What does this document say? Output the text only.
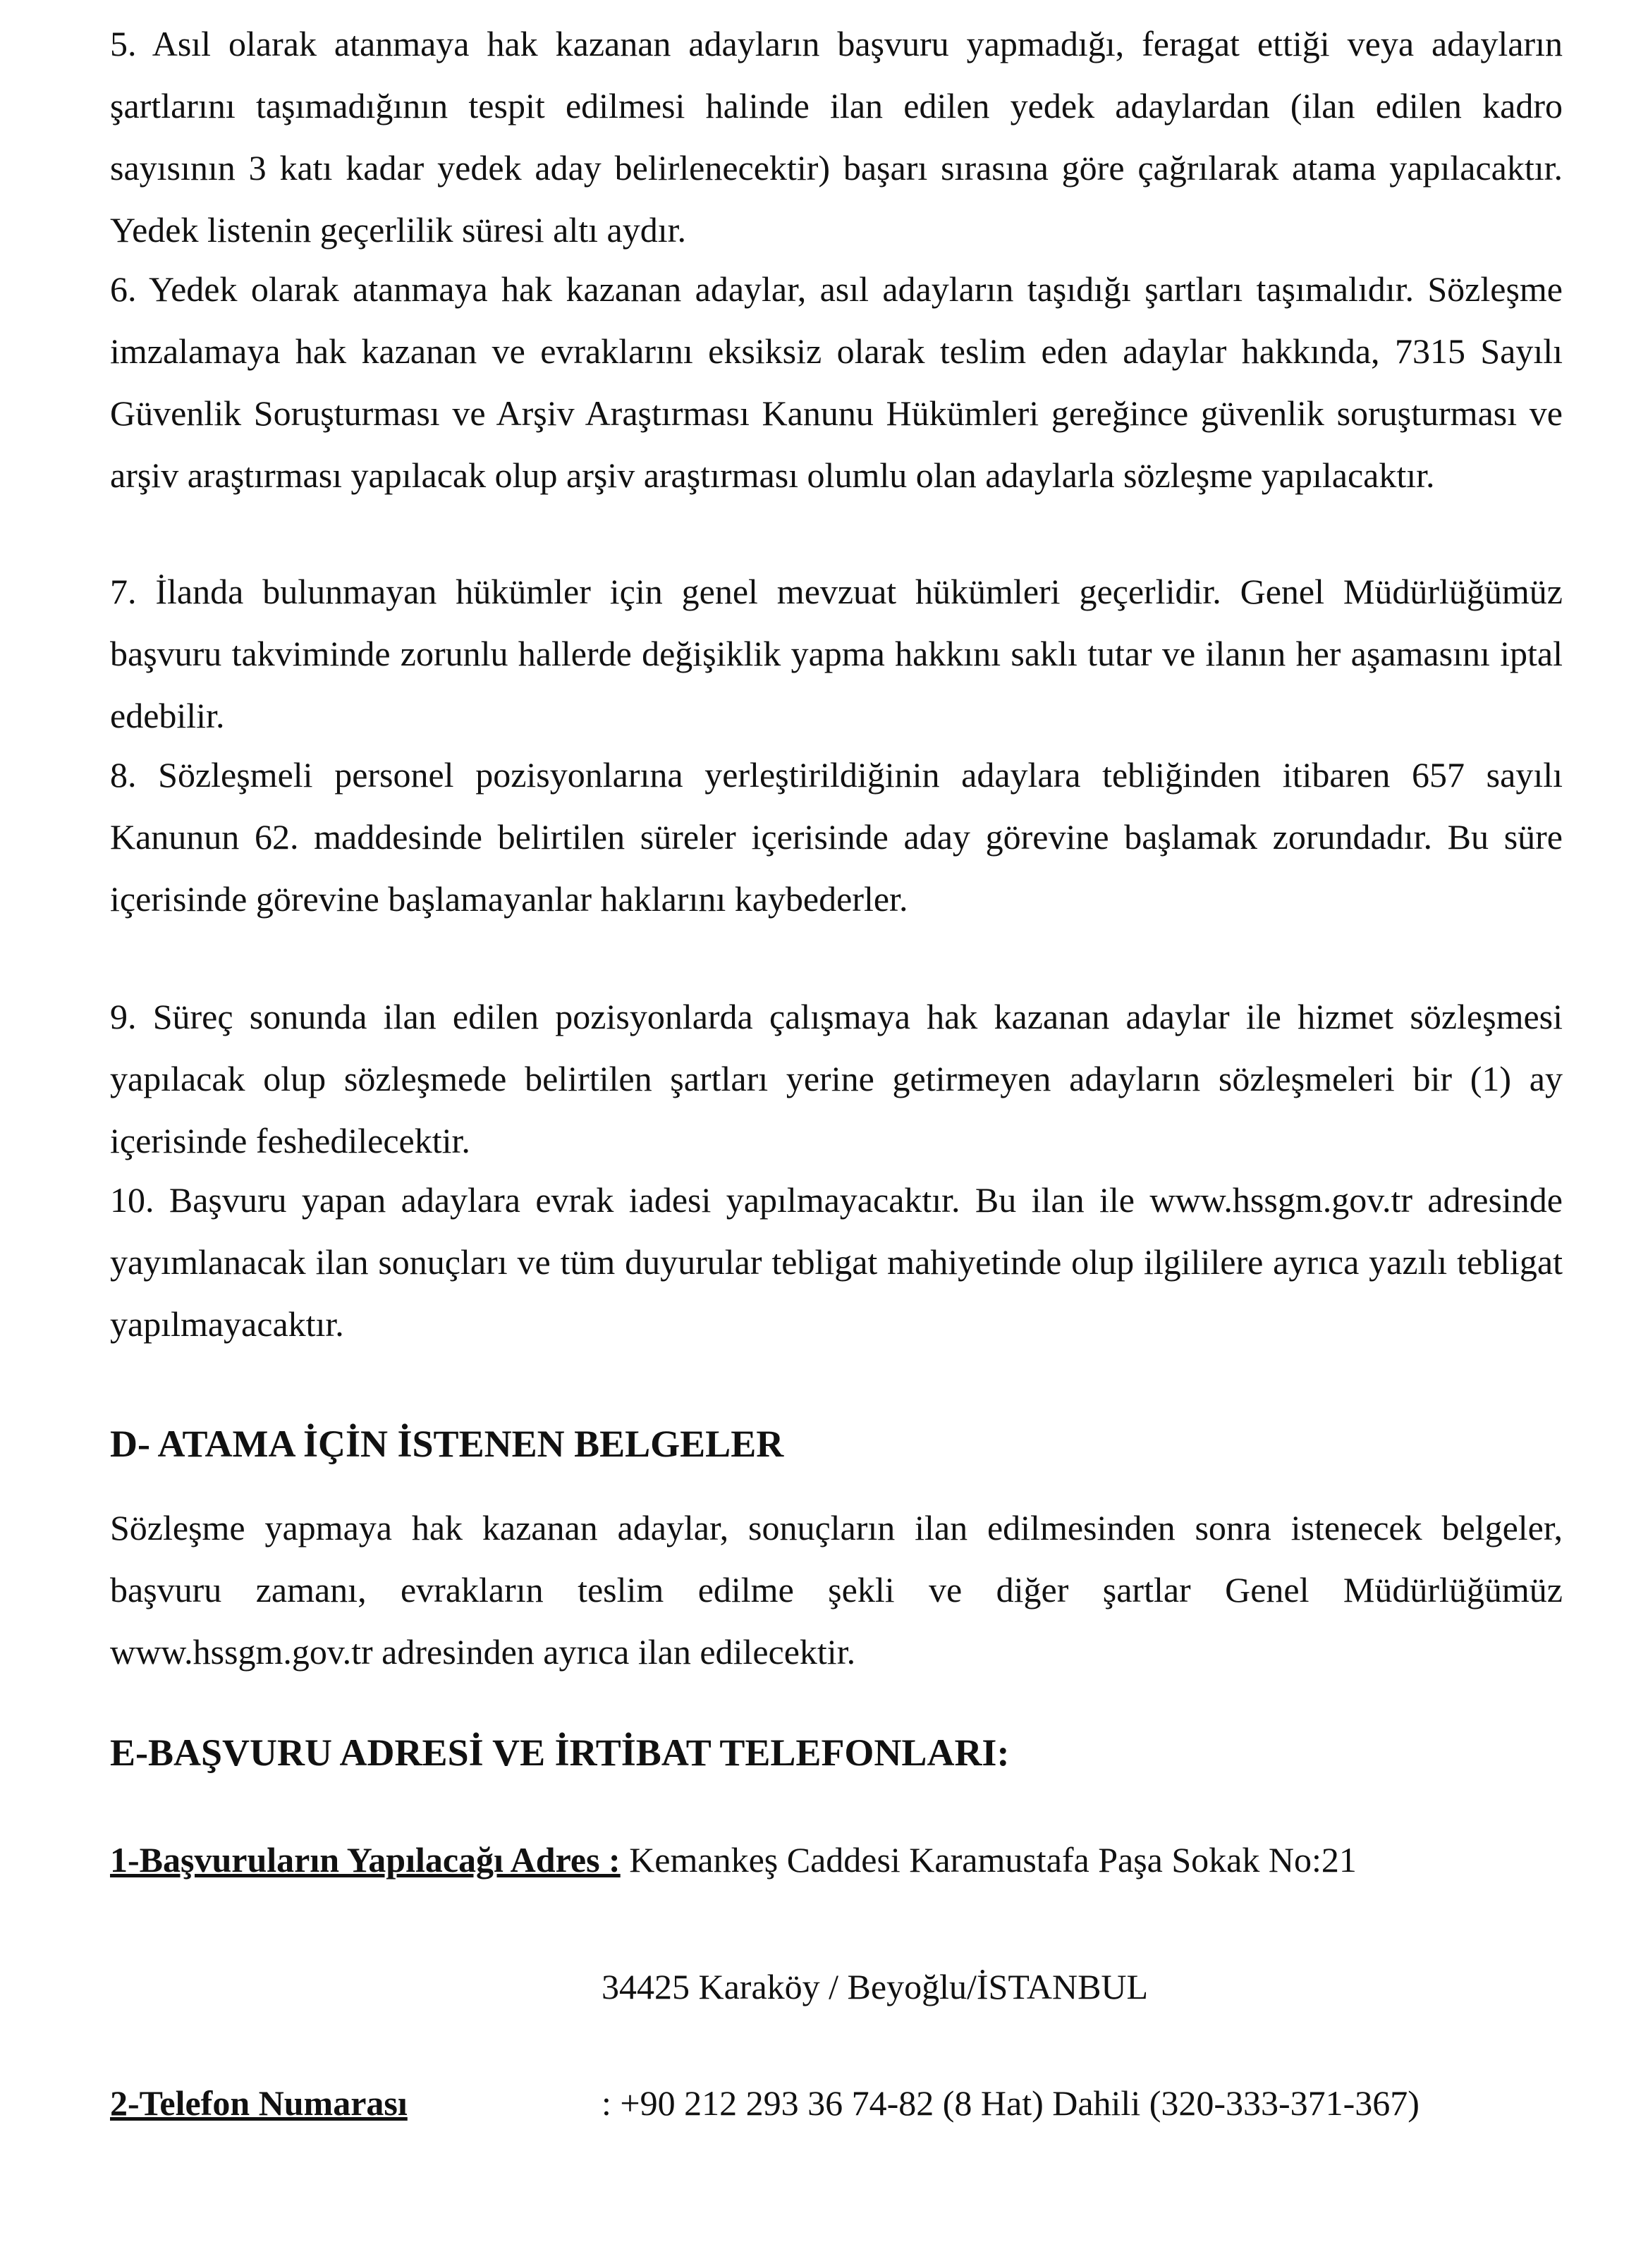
5. Asıl olarak atanmaya hak kazanan adayların başvuru yapmadığı, feragat ettiği veya adayların şartlarını taşımadığının tespit edilmesi halinde ilan edilen yedek adaylardan (ilan edilen kadro sayısının 3 katı kadar yedek aday belirlenecektir) başarı sırasına göre çağrılarak atama yapılacaktır. Yedek listenin geçerlilik süresi altı aydır.

6. Yedek olarak atanmaya hak kazanan adaylar, asıl adayların taşıdığı şartları taşımalıdır. Sözleşme imzalamaya hak kazanan ve evraklarını eksiksiz olarak teslim eden adaylar hakkında, 7315 Sayılı Güvenlik Soruşturması ve Arşiv Araştırması Kanunu Hükümleri gereğince güvenlik soruşturması ve arşiv araştırması yapılacak olup arşiv araştırması olumlu olan adaylarla sözleşme yapılacaktır.

7. İlanda bulunmayan hükümler için genel mevzuat hükümleri geçerlidir. Genel Müdürlüğümüz başvuru takviminde zorunlu hallerde değişiklik yapma hakkını saklı tutar ve ilanın her aşamasını iptal edebilir.

8. Sözleşmeli personel pozisyonlarına yerleştirildiğinin adaylara tebliğinden itibaren 657 sayılı Kanunun 62. maddesinde belirtilen süreler içerisinde aday görevine başlamak zorundadır. Bu süre içerisinde görevine başlamayanlar haklarını kaybederler.

9. Süreç sonunda ilan edilen pozisyonlarda çalışmaya hak kazanan adaylar ile hizmet sözleşmesi yapılacak olup sözleşmede belirtilen şartları yerine getirmeyen adayların sözleşmeleri bir (1) ay içerisinde feshedilecektir.

10. Başvuru yapan adaylara evrak iadesi yapılmayacaktır. Bu ilan ile www.hssgm.gov.tr adresinde yayımlanacak ilan sonuçları ve tüm duyurular tebligat mahiyetinde olup ilgililere ayrıca yazılı tebligat yapılmayacaktır.

D- ATAMA İÇİN İSTENEN BELGELER

Sözleşme yapmaya hak kazanan adaylar, sonuçların ilan edilmesinden sonra istenecek belgeler, başvuru zamanı, evrakların teslim edilme şekli ve diğer şartlar Genel Müdürlüğümüz www.hssgm.gov.tr adresinden ayrıca ilan edilecektir.

E-BAŞVURU ADRESİ VE İRTİBAT TELEFONLARI:

1-Başvuruların Yapılacağı Adres : Kemankeş Caddesi Karamustafa Paşa Sokak No:21

34425 Karaköy / Beyoğlu/İSTANBUL

2-Telefon Numarası	: +90 212 293 36 74-82 (8 Hat) Dahili (320-333-371-367)
